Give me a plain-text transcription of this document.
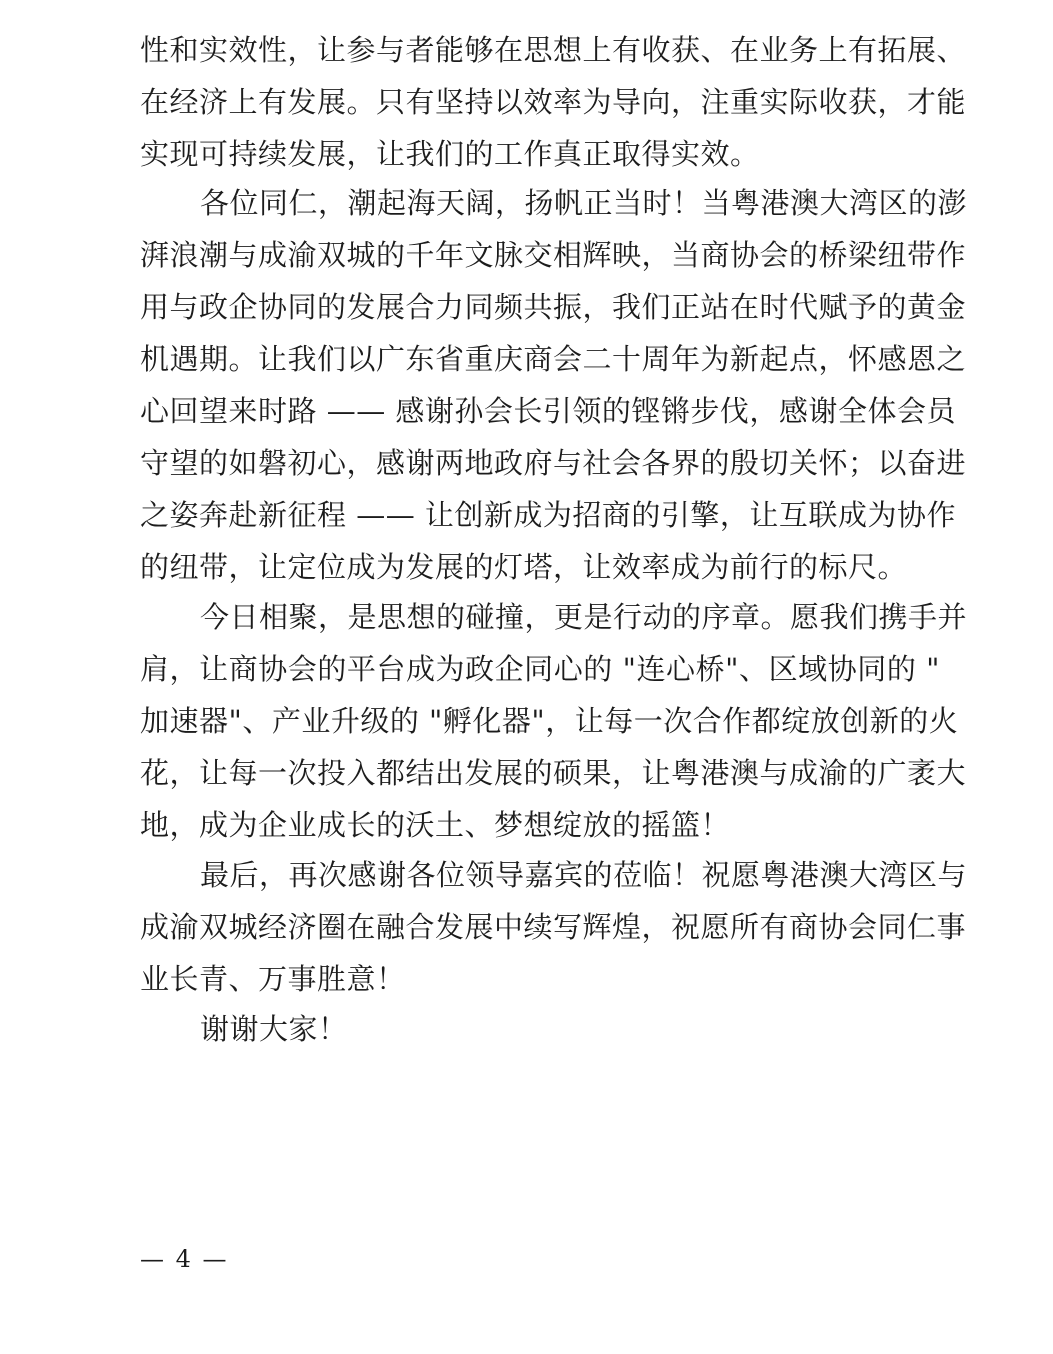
性和实效性，让参与者能够在思想上有收获、在业务上有拓展、
在经济上有发展。只有坚持以效率为导向，注重实际收获，才能
实现可持续发展，让我们的工作真正取得实效。
各位同仁，潮起海天阔，扬帆正当时！当粤港澳大湾区的澎
湃浪潮与成渝双城的千年文脉交相辉映，当商协会的桥梁纽带作
用与政企协同的发展合力同频共振，我们正站在时代赋予的黄金
机遇期。让我们以广东省重庆商会二十周年为新起点，怀感恩之
心回望来时路 —— 感谢孙会长引领的铿锵步伐，感谢全体会员
守望的如磐初心，感谢两地政府与社会各界的殷切关怀；以奋进
之姿奔赴新征程 —— 让创新成为招商的引擎，让互联成为协作
的纽带，让定位成为发展的灯塔，让效率成为前行的标尺。
今日相聚，是思想的碰撞，更是行动的序章。愿我们携手并
肩，让商协会的平台成为政企同心的 "连心桥"、区域协同的 "
加速器"、产业升级的 "孵化器"，让每一次合作都绽放创新的火
花，让每一次投入都结出发展的硕果，让粤港澳与成渝的广袤大
地，成为企业成长的沃土、梦想绽放的摇篮！
最后，再次感谢各位领导嘉宾的莅临！祝愿粤港澳大湾区与
成渝双城经济圈在融合发展中续写辉煌，祝愿所有商协会同仁事
业长青、万事胜意！
谢谢大家！
— 4 —
